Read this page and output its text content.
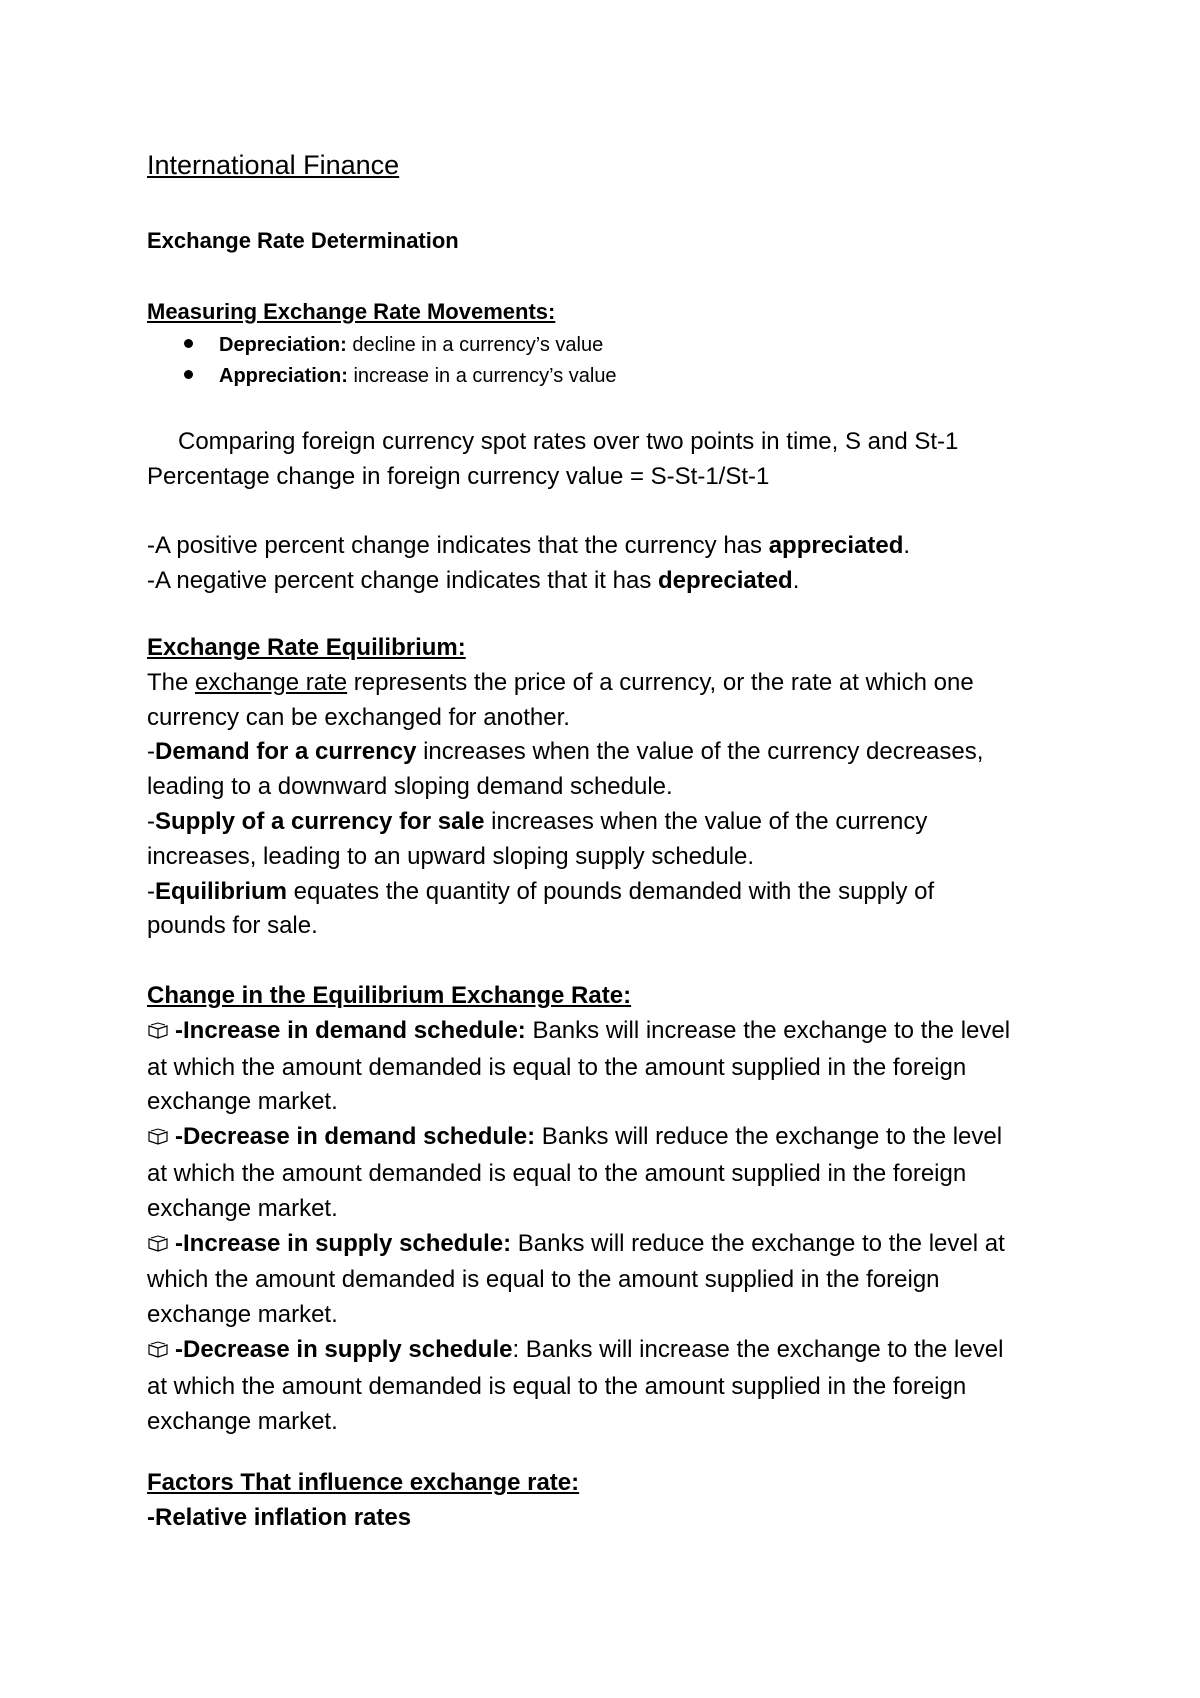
International Finance
Exchange Rate Determination
Measuring Exchange Rate Movements:
Depreciation: decline in a currency’s value
Appreciation: increase in a currency’s value
Comparing foreign currency spot rates over two points in time, S and St-1
Percentage change in foreign currency value = S-St-1/St-1
-A positive percent change indicates that the currency has appreciated.
-A negative percent change indicates that it has depreciated.
Exchange Rate Equilibrium:
The exchange rate represents the price of a currency, or the rate at which one
currency can be exchanged for another.
-Demand for a currency increases when the value of the currency decreases,
leading to a downward sloping demand schedule.
-Supply of a currency for sale increases when the value of the currency
increases, leading to an upward sloping supply schedule.
-Equilibrium equates the quantity of pounds demanded with the supply of
pounds for sale.
Change in the Equilibrium Exchange Rate:
-Increase in demand schedule: Banks will increase the exchange to the level
at which the amount demanded is equal to the amount supplied in the foreign
exchange market.
-Decrease in demand schedule: Banks will reduce the exchange to the level
at which the amount demanded is equal to the amount supplied in the foreign
exchange market.
-Increase in supply schedule: Banks will reduce the exchange to the level at
which the amount demanded is equal to the amount supplied in the foreign
exchange market.
-Decrease in supply schedule: Banks will increase the exchange to the level
at which the amount demanded is equal to the amount supplied in the foreign
exchange market.
Factors That influence exchange rate:
-Relative inflation rates
